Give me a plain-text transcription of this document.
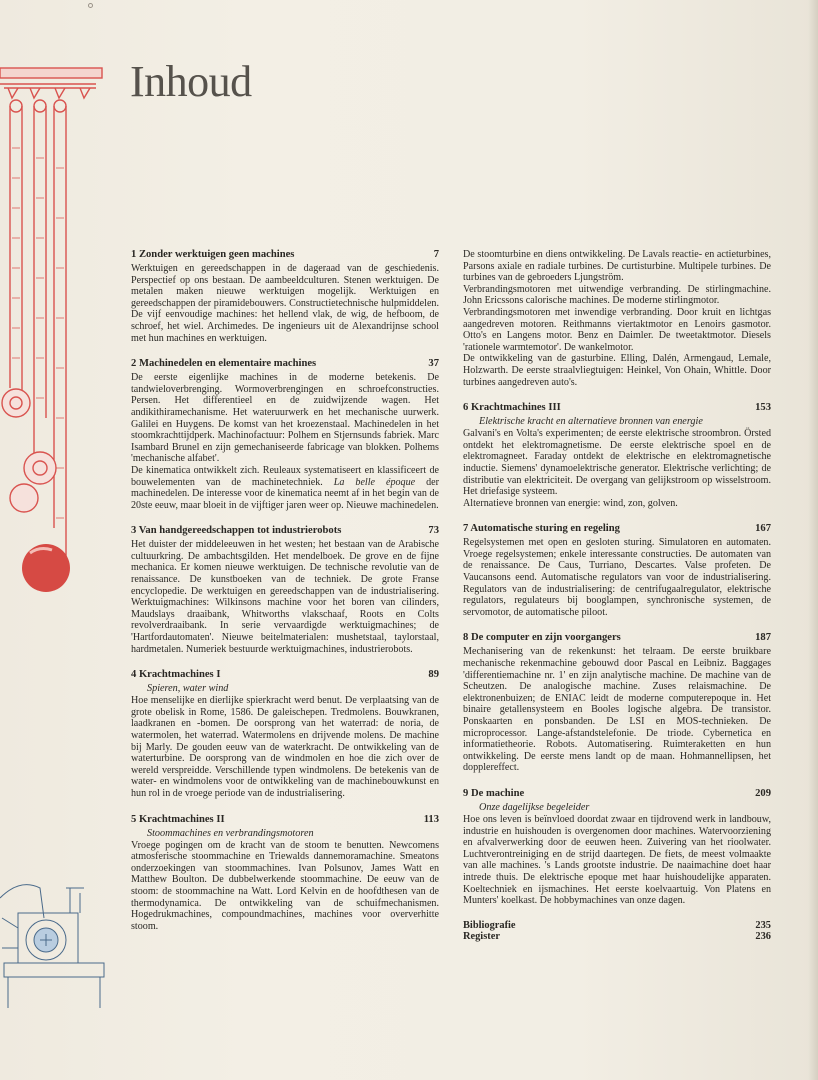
Inhoud
1 Zonder werktuigen geen machines	7

Werktuigen en gereedschappen in de dageraad van de geschiedenis. Perspectief op ons bestaan. De aambeeldculturen. Stenen werktuigen. De metalen maken nieuwe werktuigen mogelijk. Werktuigen en gereedschappen der piramidebouwers. Constructietechnische hulpmiddelen. De vijf eenvoudige machines: het hellend vlak, de wig, de hefboom, de schroef, het wiel. Archimedes. De ingenieurs uit de Alexandrijnse school met hun machines en werktuigen.

2 Machinedelen en elementaire machines	37

De eerste eigenlijke machines in de moderne betekenis. De tandwieloverbrenging. Wormoverbrengingen en schroefconstructies. Persen. Het differentieel en de zuidwijzende wagen. Het andikithiramechanisme. Het wateruurwerk en het mechanische uurwerk. Galilei en Huygens. De komst van het kroezenstaal. Machinedelen in het stoomkrachttijdperk. Machinofactuur: Polhem en Stjernsunds fabriek. Marc Isambard Brunel en zijn gemechaniseerde fabricage van blokken. Polhems 'mechanische alfabet'.

De kinematica ontwikkelt zich. Reuleaux systematiseert en klassificeert de bouwelementen van de machinetechniek. La belle époque der machinedelen. De interesse voor de kinematica neemt af in het begin van de 20ste eeuw, maar bloeit in de vijftiger jaren weer op. Nieuwe machinedelen.

3 Van handgereedschappen tot industrierobots	73

Het duister der middeleeuwen in het westen; het bestaan van de Arabische cultuurkring. De ambachtsgilden. Het mendelboek. De grove en de fijne mechanica. Er komen nieuwe werktuigen. De technische revolutie van de renaissance. De kunstboeken van de techniek. De grote Franse encyclopedie. De werktuigen en gereedschappen van de industrialisering. Werktuigmachines: Wilkinsons machine voor het boren van cilinders, Maudslays draaibank, Whitworths vlakschaaf, Roots en Colts revolverdraaibank. In serie vervaardigde werktuigmachines; de 'Hartfordautomaten'. Nieuwe beitelmaterialen: mushetstaal, taylorstaal, hardmetalen. Numeriek bestuurde werktuigmachines, industrierobots.

4 Krachtmachines I	89
Spieren, water wind

Hoe menselijke en dierlijke spierkracht werd benut. De verplaatsing van de grote obelisk in Rome, 1586. De galeischepen. Tredmolens. Bouwkranen, laadkranen en -bomen. De oorsprong van het waterrad: de noria, de watermolen, het waterrad. Watermolens en drijvende molens. De machine bij Marly. De gouden eeuw van de waterkracht. De ontwikkeling van de waterturbine. De oorsprong van de windmolen en hoe die zich over de wereld verspreidde. Verschillende typen windmolens. De betekenis van de water- en windmolens voor de ontwikkeling van de machinebouwkunst en hun rol in de vroege periode van de industrialisering.

5 Krachtmachines II	113
Stoommachines en verbrandingsmotoren

Vroege pogingen om de kracht van de stoom te benutten. Newcomens atmosferische stoommachine en Triewalds dannemoramachine. Smeatons onderzoekingen van stoommachines. Ivan Polsunov, James Watt en Matthew Boulton. De dubbelwerkende stoommachine. De eeuw van de stoom: de stoommachine na Watt. Lord Kelvin en de hoofdthesen van de thermodynamica. De ontwikkeling van de schuifmechanismen. Hogedrukmachines, compoundmachines, machines voor oververhitte stoom.

De stoomturbine en diens ontwikkeling. De Lavals reactie- en actieturbines, Parsons axiale en radiale turbines. De curtisturbine. Multipele turbines. De turbines van de gebroeders Ljungström.

Verbrandingsmotoren met uitwendige verbranding. De stirlingmachine. John Ericssons calorische machines. De moderne stirlingmotor.

Verbrandingsmotoren met inwendige verbranding. Door kruit en lichtgas aangedreven motoren. Reithmanns viertaktmotor en Lenoirs gasmotor. Otto's en Langens motor. Benz en Daimler. De tweetaktmotor. Diesels 'rationele warmtemotor'. De wankelmotor.

De ontwikkeling van de gasturbine. Elling, Dalén, Armengaud, Lemale, Holzwarth. De eerste straalvliegtuigen: Heinkel, Von Ohain, Whittle. Door turbines aangedreven auto's.

6 Krachtmachines III	153
Elektrische kracht en alternatieve bronnen van energie

Galvani's en Volta's experimenten; de eerste elektrische stroombron. Örsted ontdekt het elektromagnetisme. De eerste elektrische spoel en de elektromagneet. Faraday ontdekt de elektrische en elektromagnetische inductie. Siemens' dynamoelektrische generator. Elektrische verlichting; de distributie van elektriciteit. De overgang van gelijkstroom op wisselstroom. Het driefasige systeem.

Alternatieve bronnen van energie: wind, zon, golven.

7 Automatische sturing en regeling	167

Regelsystemen met open en gesloten sturing. Simulatoren en automaten. Vroege regelsystemen; enkele interessante constructies. De automaten van de renaissance. De Caus, Turriano, Descartes. Valse profeten. De Vaucansons eend. Automatische regulators van voor de industrialisering. Regulators van de industrialisering: de centrifugaalregulator, elektrische regulators, regulateurs bij booglampen, synchronische systemen, de servomotor, de automatische piloot.

8 De computer en zijn voorgangers	187

Mechanisering van de rekenkunst: het telraam. De eerste bruikbare mechanische rekenmachine gebouwd door Pascal en Leibniz. Baggages 'differentiemachine nr. 1' en zijn analytische machine. De machine van de Scheutzen. De analogische machine. Zuses relaismachine. De elektronenbuizen; de ENIAC leidt de moderne computerepoque in. Het binaire getallensysteem en Booles logische algebra. De transistor. Ponskaarten en ponsbanden. De LSI en MOS-technieken. De microprocessor. Lange-afstandstelefonie. De triode. Cybernetica en informatietheorie. Robots. Automatisering. Ruimteraketten en hun ontwikkeling. De eerste mens landt op de maan. Hohmannellipsen, het dopplereffect.

9 De machine	209
Onze dagelijkse begeleider

Hoe ons leven is beïnvloed doordat zwaar en tijdrovend werk in landbouw, industrie en huishouden is overgenomen door machines. Watervoorziening en afvalverwerking door de eeuwen heen. Zuivering van het rioolwater. Luchtverontreiniging en de strijd daartegen. De fiets, de meest volmaakte van alle machines. 's Lands grootste industrie. De naaimachine doet haar intrede thuis. De elektrische epoque met haar huishoudelijke apparaten. Koeltechniek en ijsmachines. Het eerste koelvaartuig. Von Platens en Munters' koelkast. De hobbymachines van onze dagen.

Bibliografie	235
Register	236
